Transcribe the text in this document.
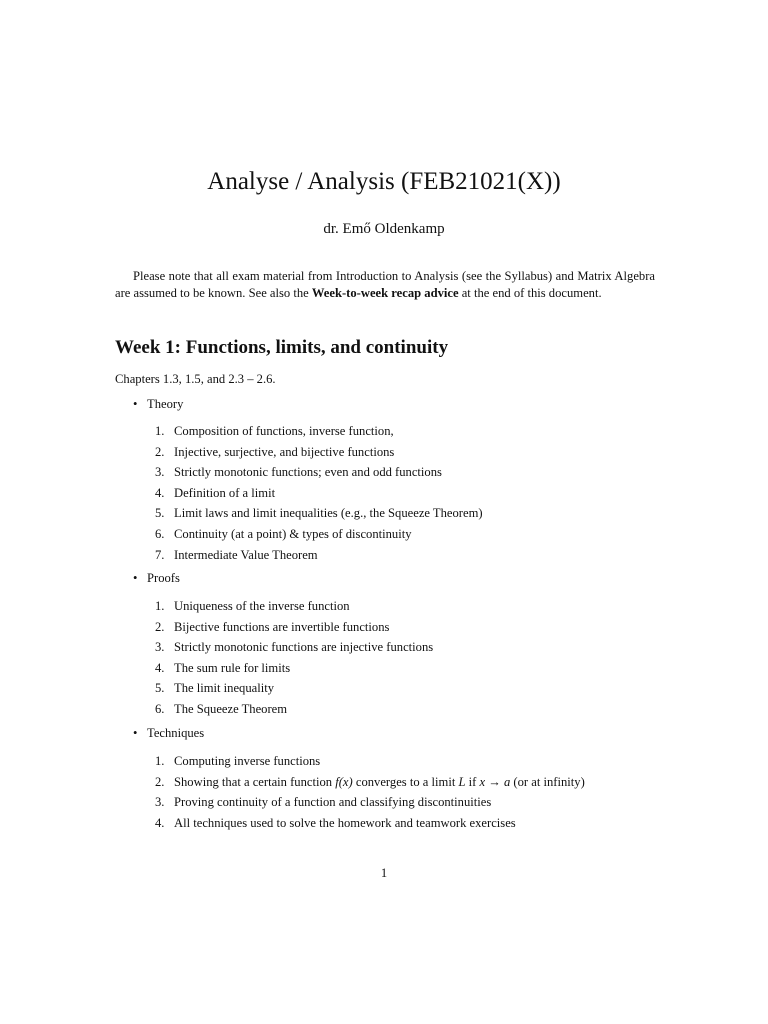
Analyse / Analysis (FEB21021(X))
dr. Emő Oldenkamp
Please note that all exam material from Introduction to Analysis (see the Syllabus) and Matrix Algebra are assumed to be known. See also the Week-to-week recap advice at the end of this document.
Week 1: Functions, limits, and continuity
Chapters 1.3, 1.5, and 2.3 – 2.6.
• Theory
1. Composition of functions, inverse function,
2. Injective, surjective, and bijective functions
3. Strictly monotonic functions; even and odd functions
4. Definition of a limit
5. Limit laws and limit inequalities (e.g., the Squeeze Theorem)
6. Continuity (at a point) & types of discontinuity
7. Intermediate Value Theorem
• Proofs
1. Uniqueness of the inverse function
2. Bijective functions are invertible functions
3. Strictly monotonic functions are injective functions
4. The sum rule for limits
5. The limit inequality
6. The Squeeze Theorem
• Techniques
1. Computing inverse functions
2. Showing that a certain function f(x) converges to a limit L if x → a (or at infinity)
3. Proving continuity of a function and classifying discontinuities
4. All techniques used to solve the homework and teamwork exercises
1
